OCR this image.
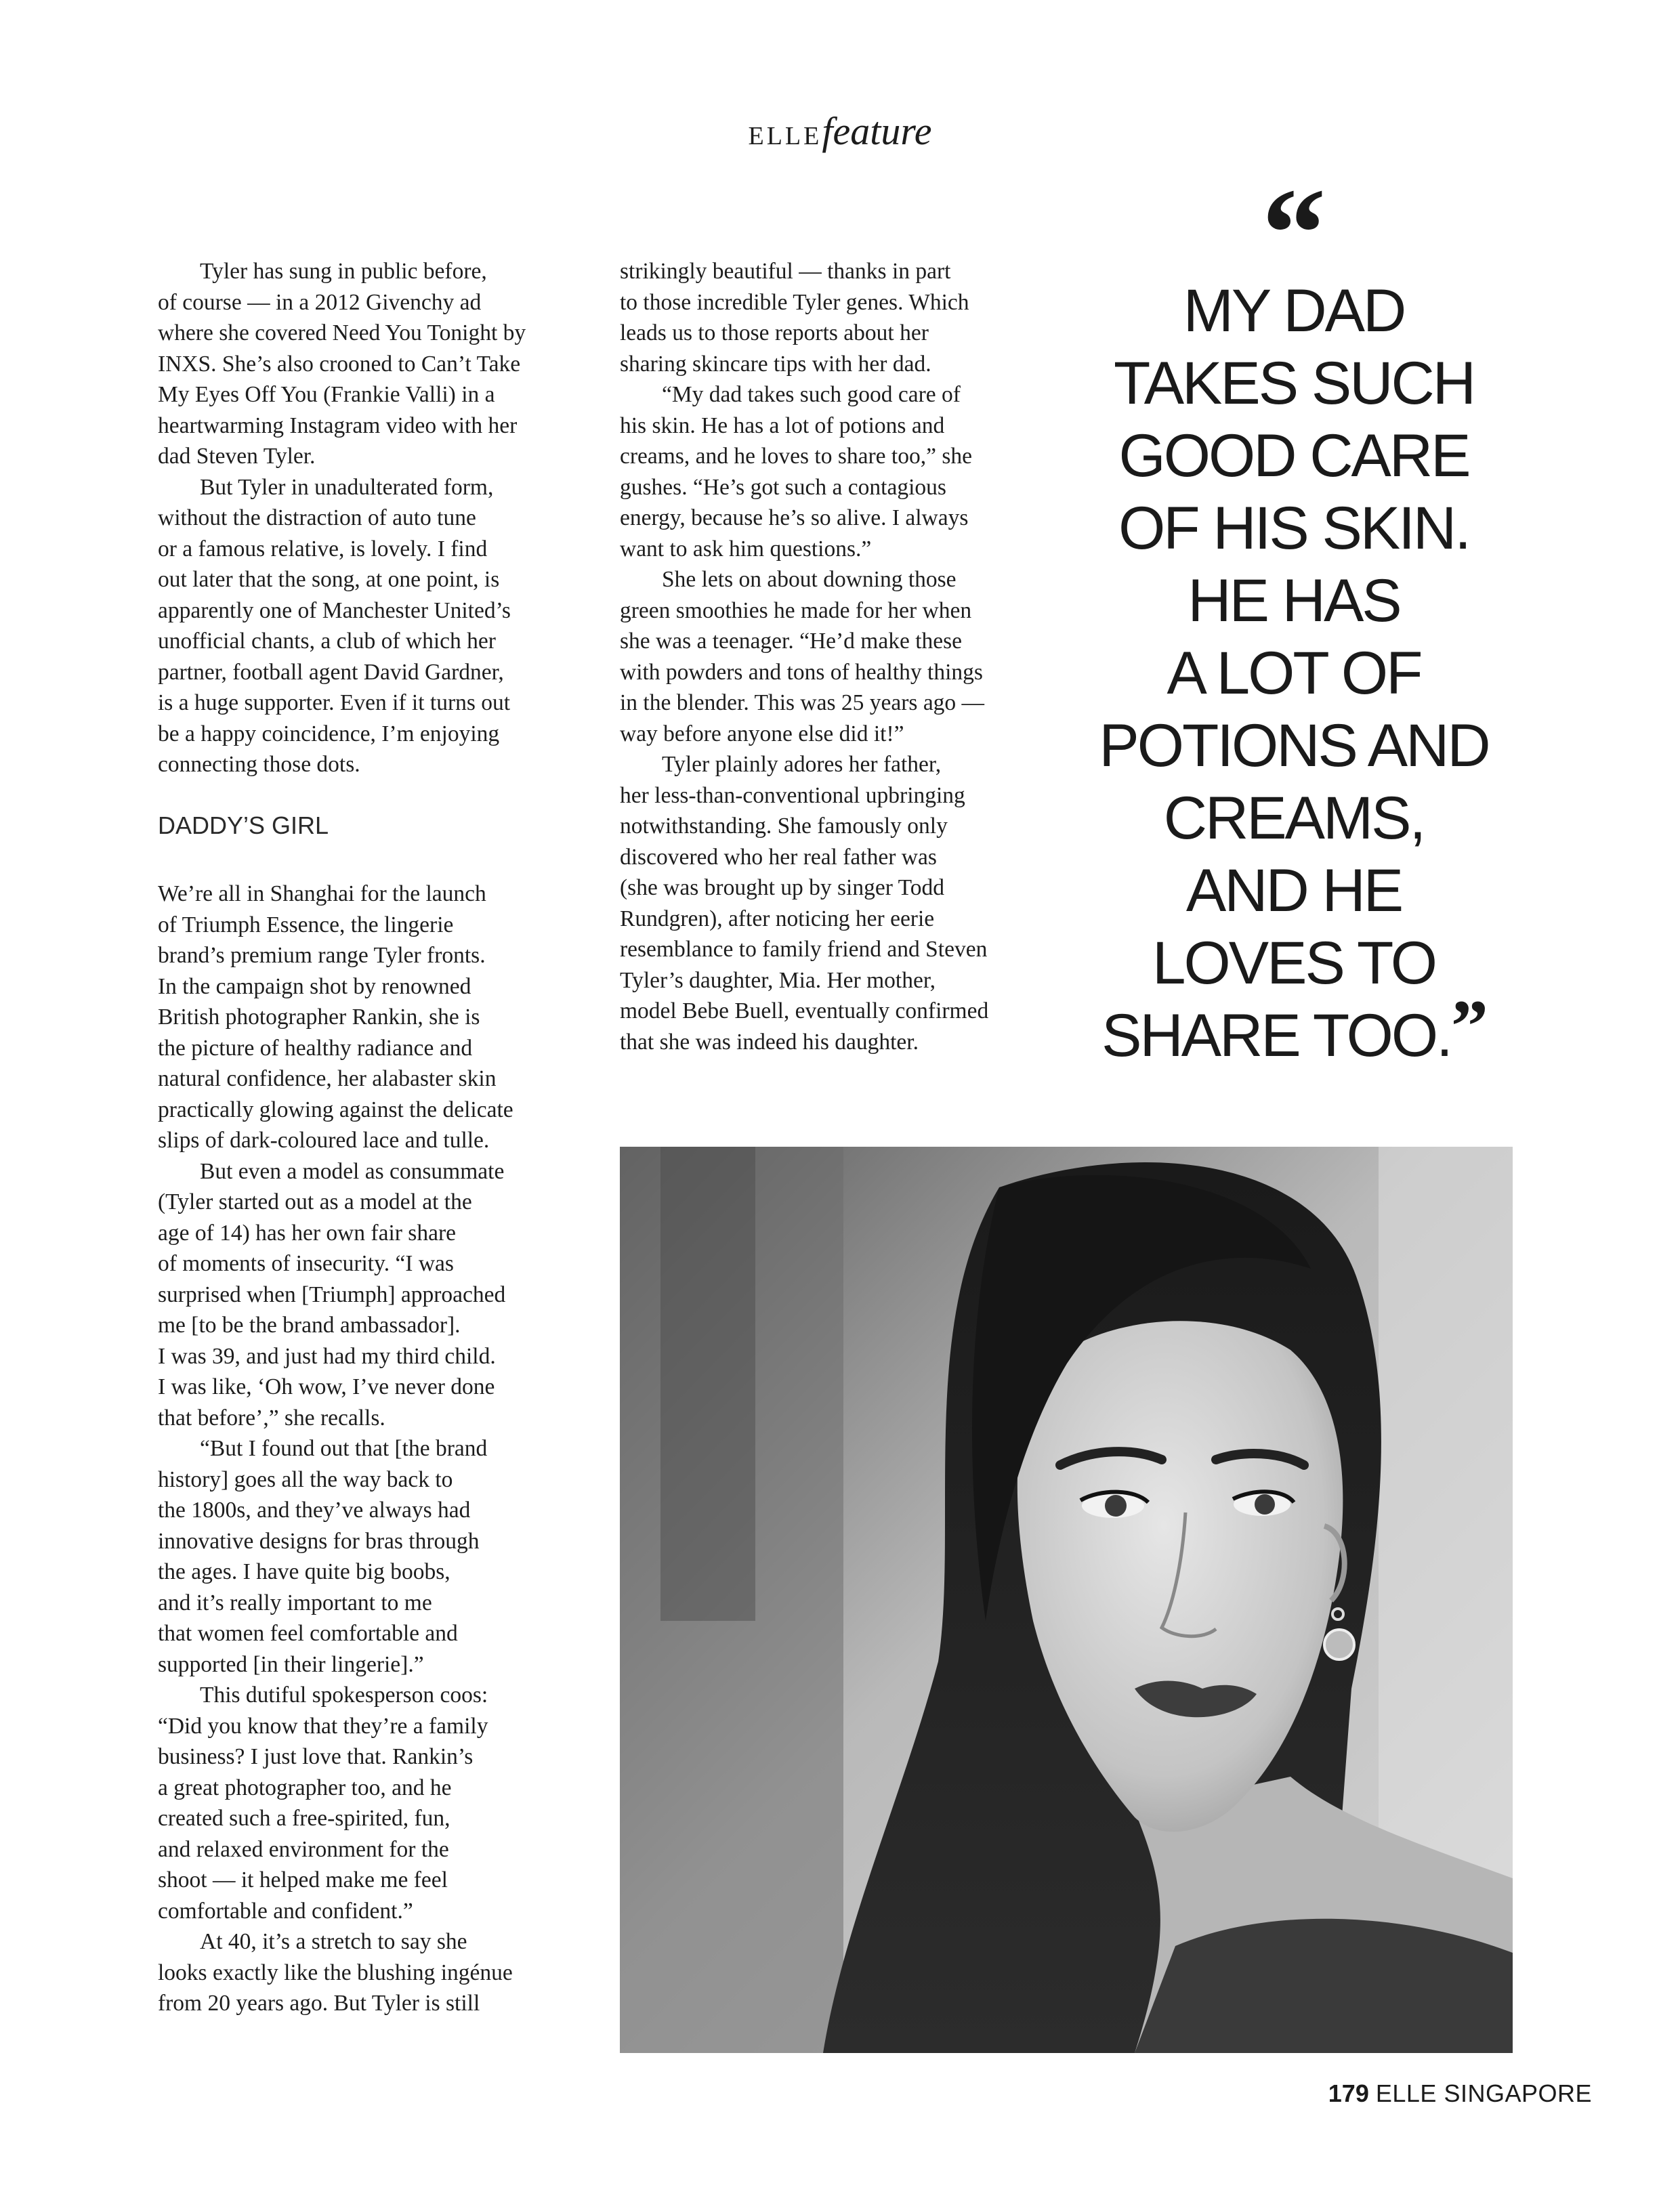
ELLEfeature

Tyler has sung in public before,
of course — in a 2012 Givenchy ad
where she covered Need You Tonight by
INXS. She’s also crooned to Can’t Take
My Eyes Off You (Frankie Valli) in a
heartwarming Instagram video with her
dad Steven Tyler.

But Tyler in unadulterated form,
without the distraction of auto tune
or a famous relative, is lovely. I find
out later that the song, at one point, is
apparently one of Manchester United’s
unofficial chants, a club of which her
partner, football agent David Gardner,
is a huge supporter. Even if it turns out
be a happy coincidence, I’m enjoying
connecting those dots.

DADDY’S GIRL

We’re all in Shanghai for the launch
of Triumph Essence, the lingerie
brand’s premium range Tyler fronts.
In the campaign shot by renowned
British photographer Rankin, she is
the picture of healthy radiance and
natural confidence, her alabaster skin
practically glowing against the delicate
slips of dark-coloured lace and tulle.

But even a model as consummate
(Tyler started out as a model at the
age of 14) has her own fair share
of moments of insecurity. “I was
surprised when [Triumph] approached
me [to be the brand ambassador].
I was 39, and just had my third child.
I was like, ‘Oh wow, I’ve never done
that before’,” she recalls.

“But I found out that [the brand
history] goes all the way back to
the 1800s, and they’ve always had
innovative designs for bras through
the ages. I have quite big boobs,
and it’s really important to me
that women feel comfortable and
supported [in their lingerie].”

This dutiful spokesperson coos:
“Did you know that they’re a family
business? I just love that. Rankin’s
a great photographer too, and he
created such a free-spirited, fun,
and relaxed environment for the
shoot — it helped make me feel
comfortable and confident.”

At 40, it’s a stretch to say she
looks exactly like the blushing ingénue
from 20 years ago. But Tyler is still

strikingly beautiful — thanks in part
to those incredible Tyler genes. Which
leads us to those reports about her
sharing skincare tips with her dad.

“My dad takes such good care of
his skin. He has a lot of potions and
creams, and he loves to share too,” she
gushes. “He’s got such a contagious
energy, because he’s so alive. I always
want to ask him questions.”

She lets on about downing those
green smoothies he made for her when
she was a teenager. “He’d make these
with powders and tons of healthy things
in the blender. This was 25 years ago —
way before anyone else did it!”

Tyler plainly adores her father,
her less-than-conventional upbringing
notwithstanding. She famously only
discovered who her real father was
(she was brought up by singer Todd
Rundgren), after noticing her eerie
resemblance to family friend and Steven
Tyler’s daughter, Mia. Her mother,
model Bebe Buell, eventually confirmed
that she was indeed his daughter.

“
MY DAD
TAKES SUCH
GOOD CARE
OF HIS SKIN.
HE HAS
A LOT OF
POTIONS AND
CREAMS,
AND HE
LOVES TO
SHARE TOO.”
179 ELLE SINGAPORE
